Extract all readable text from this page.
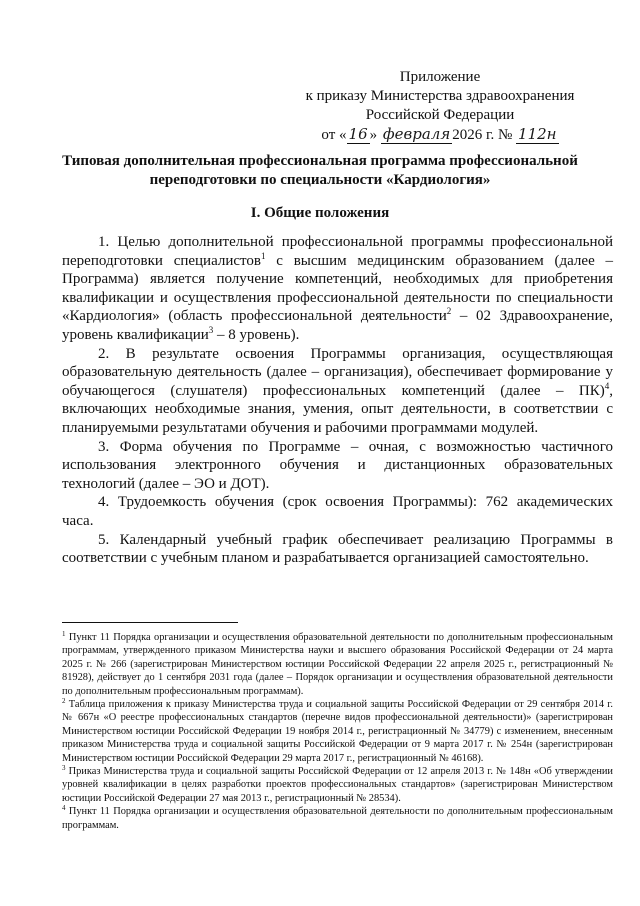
Приложение
к приказу Министерства здравоохранения
Российской Федерации
от « 16 » февраля 2026 г. № 112н
Типовая дополнительная профессиональная программа профессиональной переподготовки по специальности «Кардиология»
I. Общие положения

1. Целью дополнительной профессиональной программы профессиональной переподготовки специалистов$^1$ с высшим медицинским образованием (далее – Программа) является получение компетенций, необходимых для приобретения квалификации и осуществления профессиональной деятельности по специальности «Кардиология» (область профессиональной деятельности$^2$ – 02 Здравоохранение, уровень квалификации$^3$ – 8 уровень).

2. В результате освоения Программы организация, осуществляющая образовательную деятельность (далее – организация), обеспечивает формирование у обучающегося (слушателя) профессиональных компетенций (далее – ПК)$^4$, включающих необходимые знания, умения, опыт деятельности, в соответствии с планируемыми результатами обучения и рабочими программами модулей.

3. Форма обучения по Программе – очная, с возможностью частичного использования электронного обучения и дистанционных образовательных технологий (далее – ЭО и ДОТ).

4. Трудоемкость обучения (срок освоения Программы): 762 академических часа.

5. Календарный учебный график обеспечивает реализацию Программы в соответствии с учебным планом и разрабатывается организацией самостоятельно.

$^1$ Пункт 11 Порядка организации и осуществления образовательной деятельности по дополнительным профессиональным программам, утвержденного приказом Министерства науки и высшего образования Российской Федерации от 24 марта 2025 г. № 266 (зарегистрирован Министерством юстиции Российской Федерации 22 апреля 2025 г., регистрационный № 81928), действует до 1 сентября 2031 года (далее – Порядок организации и осуществления образовательной деятельности по дополнительным профессиональным программам).

$^2$ Таблица приложения к приказу Министерства труда и социальной защиты Российской Федерации от 29 сентября 2014 г. № 667н «О реестре профессиональных стандартов (перечне видов профессиональной деятельности)» (зарегистрирован Министерством юстиции Российской Федерации 19 ноября 2014 г., регистрационный № 34779) с изменением, внесенным приказом Министерства труда и социальной защиты Российской Федерации от 9 марта 2017 г. № 254н (зарегистрирован Министерством юстиции Российской Федерации 29 марта 2017 г., регистрационный № 46168).

$^3$ Приказ Министерства труда и социальной защиты Российской Федерации от 12 апреля 2013 г. № 148н «Об утверждении уровней квалификации в целях разработки проектов профессиональных стандартов» (зарегистрирован Министерством юстиции Российской Федерации 27 мая 2013 г., регистрационный № 28534).

$^4$ Пункт 11 Порядка организации и осуществления образовательной деятельности по дополнительным профессиональным программам.
